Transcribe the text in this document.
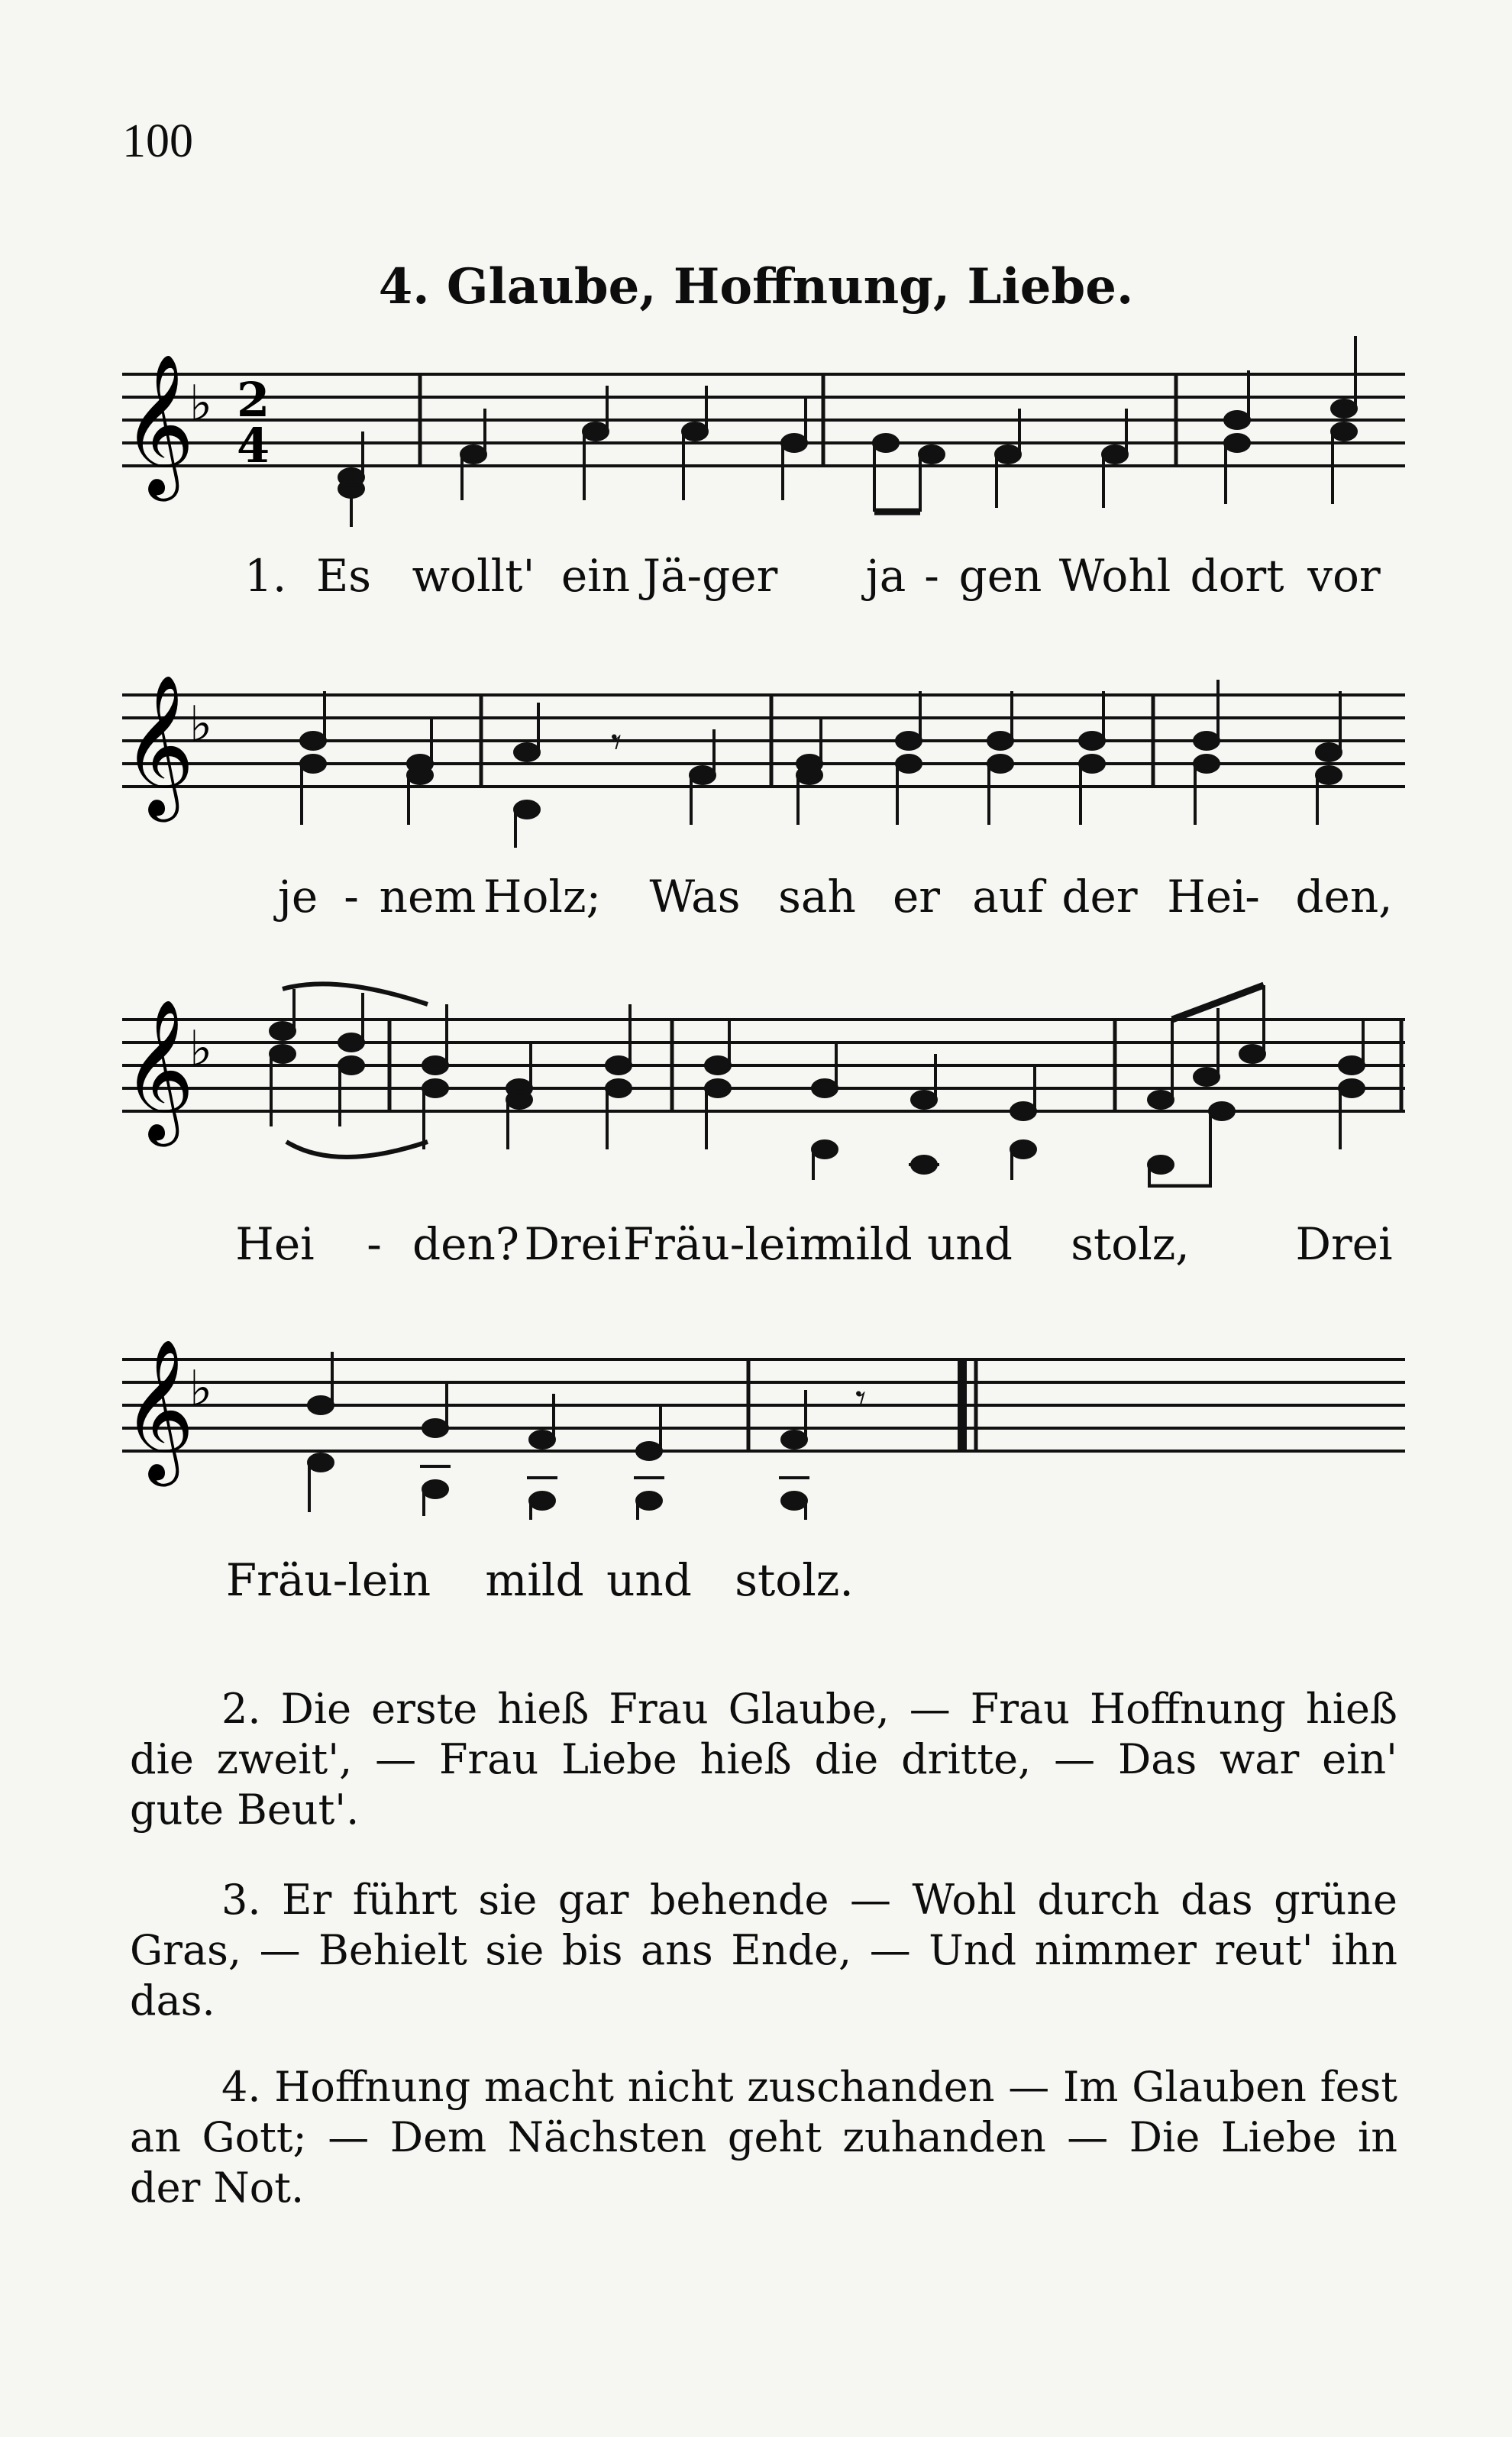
100
4. Glaube, Hoffnung, Liebe.
𝄞
♭ 2
4
1. Es wollt' ein Jä-ger ja - gen Wohl dort vor
𝄞
♭	𝄾
je - nem Holz; Was sah er auf der Hei
- den,
𝄞
♭
Hei - den? Drei Fräu-lein
mild und stolz, Drei
𝄞
♭	𝄾
Fräu-lein mild und stolz.
2. Die erste hieß Frau Glaube, — Frau Hoffnung hieß die zweit', — Frau Liebe hieß die dritte, — Das war ein' gute Beut'.
3. Er führt sie gar behende — Wohl durch das grüne Gras, — Behielt sie bis ans Ende, — Und nimmer reut' ihn das.
4. Hoffnung macht nicht zuschanden — Im Glauben fest an Gott; — Dem Nächsten geht zuhanden — Die Liebe in der Not.
